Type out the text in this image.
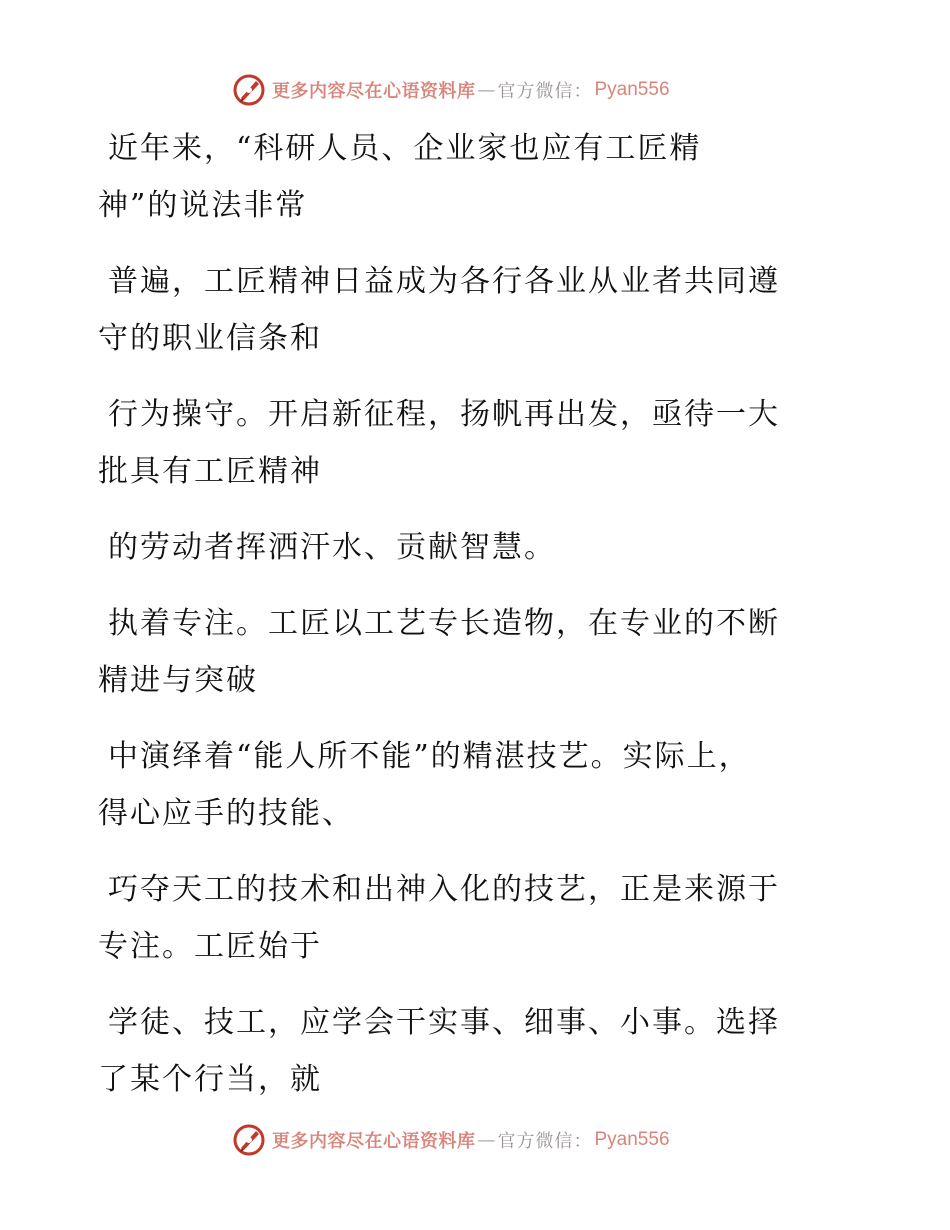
更多内容尽在心语资料库 — 官方微信： Pyan556

近年来，“科研人员、企业家也应有工匠精

神”的说法非常

普遍，工匠精神日益成为各行各业从业者共同遵

守的职业信条和

行为操守。开启新征程，扬帆再出发，亟待一大

批具有工匠精神

的劳动者挥洒汗水、贡献智慧。

执着专注。工匠以工艺专长造物，在专业的不断

精进与突破

中演绎着“能人所不能”的精湛技艺。实际上，

得心应手的技能、

巧夺天工的技术和出神入化的技艺，正是来源于

专注。工匠始于

学徒、技工，应学会干实事、细事、小事。选择

了某个行当，就

更多内容尽在心语资料库 — 官方微信： Pyan556
